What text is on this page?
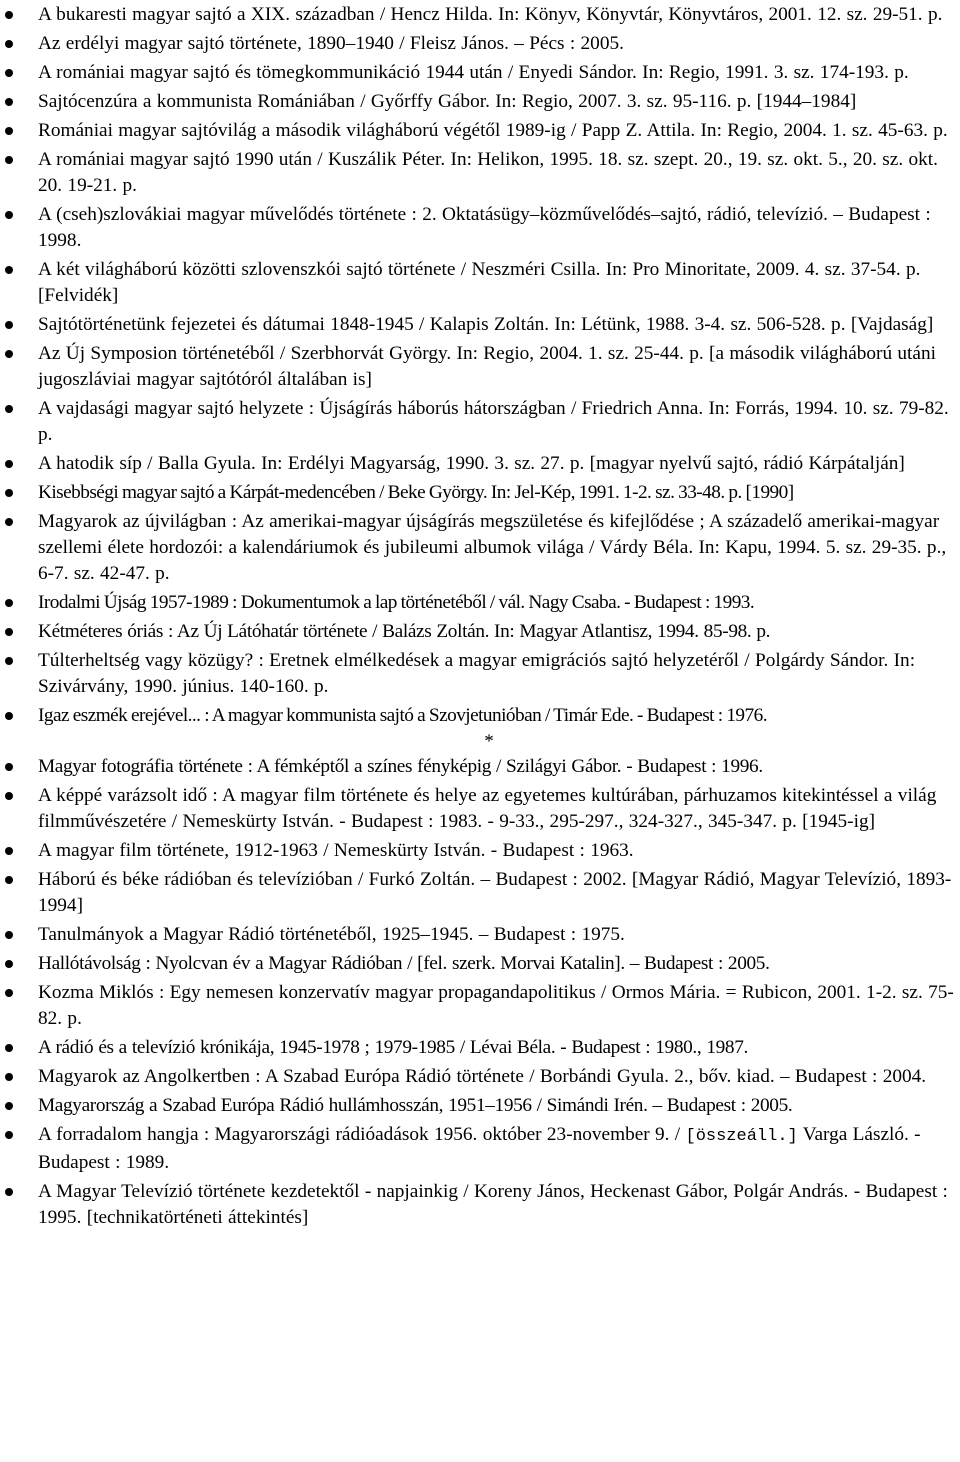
A bukaresti magyar sajtó a XIX. században / Hencz Hilda. In: Könyv, Könyvtár, Könyvtáros, 2001. 12. sz. 29-51. p.
Az erdélyi magyar sajtó története, 1890–1940 / Fleisz János. – Pécs : 2005.
A romániai magyar sajtó és tömegkommunikáció 1944 után / Enyedi Sándor. In: Regio, 1991. 3. sz. 174-193. p.
Sajtócenzúra a kommunista Romániában / Győrffy Gábor. In: Regio, 2007. 3. sz. 95-116. p. [1944–1984]
Romániai magyar sajtóvilág a második világháború végétől 1989-ig / Papp Z. Attila. In: Regio, 2004. 1. sz. 45-63. p.
A romániai magyar sajtó 1990 után / Kuszálik Péter. In: Helikon, 1995. 18. sz. szept. 20., 19. sz. okt. 5., 20. sz. okt. 20. 19-21. p.
A (cseh)szlovákiai magyar művelődés története : 2. Oktatásügy–közművelődés–sajtó, rádió, televízió. – Budapest : 1998.
A két világháború közötti szlovenszkói sajtó története / Neszméri Csilla. In: Pro Minoritate, 2009. 4. sz. 37-54. p. [Felvidék]
Sajtótörténetünk fejezetei és dátumai 1848-1945 / Kalapis Zoltán. In: Létünk, 1988. 3-4. sz. 506-528. p. [Vajdaság]
Az Új Symposion történetéből / Szerbhorvát György. In: Regio, 2004. 1. sz. 25-44. p. [a második világháború utáni jugoszláviai magyar sajtótóról általában is]
A vajdasági magyar sajtó helyzete : Újságírás háborús hátországban / Friedrich Anna. In: Forrás, 1994. 10. sz. 79-82. p.
A hatodik síp / Balla Gyula. In: Erdélyi Magyarság, 1990. 3. sz. 27. p. [magyar nyelvű sajtó, rádió Kárpátalján]
Kisebbségi magyar sajtó a Kárpát-medencében / Beke György. In: Jel-Kép, 1991. 1-2. sz. 33-48. p. [1990]
Magyarok az újvilágban : Az amerikai-magyar újságírás megszületése és kifejlődése ; A századelő amerikai-magyar szellemi élete hordozói: a kalendáriumok és jubileumi albumok világa / Várdy Béla. In: Kapu, 1994. 5. sz. 29-35. p., 6-7. sz. 42-47. p.
Irodalmi Újság 1957-1989 : Dokumentumok a lap történetéből / vál. Nagy Csaba. - Budapest : 1993.
Kétméteres óriás : Az Új Látóhatár története / Balázs Zoltán. In: Magyar Atlantisz, 1994. 85-98. p.
Túlterheltség vagy közügy? : Eretnek elmélkedések a magyar emigrációs sajtó helyzetéről / Polgárdy Sándor. In: Szivárvány, 1990. június. 140-160. p.
Igaz eszmék erejével... : A magyar kommunista sajtó a Szovjetunióban / Timár Ede. - Budapest : 1976.
*
Magyar fotográfia története : A fémképtől a színes fényképig / Szilágyi Gábor. - Budapest : 1996.
A képpé varázsolt idő : A magyar film története és helye az egyetemes kultúrában, párhuzamos kitekintéssel a világ filmművészetére / Nemeskürty István. - Budapest : 1983. - 9-33., 295-297., 324-327., 345-347. p. [1945-ig]
A magyar film története, 1912-1963 / Nemeskürty István. - Budapest : 1963.
Háború és béke rádióban és televízióban / Furkó Zoltán. – Budapest : 2002. [Magyar Rádió, Magyar Televízió, 1893-1994]
Tanulmányok a Magyar Rádió történetéből, 1925–1945. – Budapest : 1975.
Hallótávolság : Nyolcvan év a Magyar Rádióban / [fel. szerk. Morvai Katalin]. – Budapest : 2005.
Kozma Miklós : Egy nemesen konzervatív magyar propagandapolitikus / Ormos Mária. = Rubicon, 2001. 1-2. sz. 75-82. p.
A rádió és a televízió krónikája, 1945-1978 ; 1979-1985 / Lévai Béla. - Budapest : 1980., 1987.
Magyarok az Angolkertben : A Szabad Európa Rádió története / Borbándi Gyula. 2., bőv. kiad. – Budapest : 2004.
Magyarország a Szabad Európa Rádió hullámhosszán, 1951–1956 / Simándi Irén. – Budapest : 2005.
A forradalom hangja : Magyarországi rádióadások 1956. október 23-november 9. / [összeáll.] Varga László. - Budapest : 1989.
A Magyar Televízió története kezdetektől - napjainkig / Koreny János, Heckenast Gábor, Polgár András. - Budapest : 1995. [technikatörténeti áttekintés]
